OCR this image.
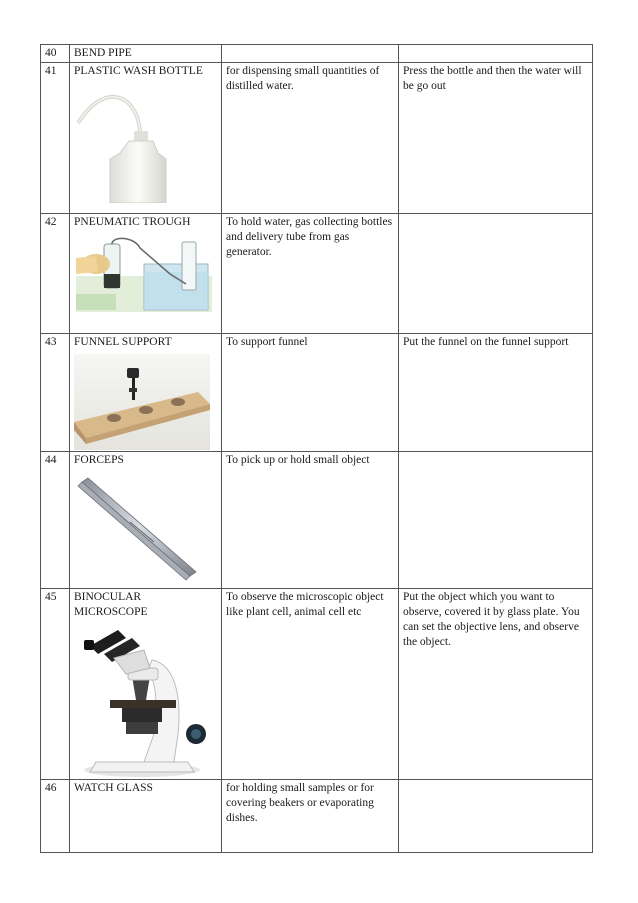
40	BEND PIPE		
41	PLASTIC WASH BOTTLE	for dispensing small quantities of distilled water.	Press the bottle and then the water will be go out
42	PNEUMATIC TROUGH	To hold water, gas collecting bottles and delivery tube from gas generator.	
43	FUNNEL SUPPORT	To support funnel	Put the funnel on the funnel support
44	FORCEPS	To pick up or hold small object	
45	BINOCULAR MICROSCOPE	To observe the microscopic object like plant cell, animal cell etc	Put the object which you want to observe, covered it by glass plate. You can set the objective lens, and observe the object.
46	WATCH GLASS	for holding small samples or for covering beakers or evaporating dishes.	
